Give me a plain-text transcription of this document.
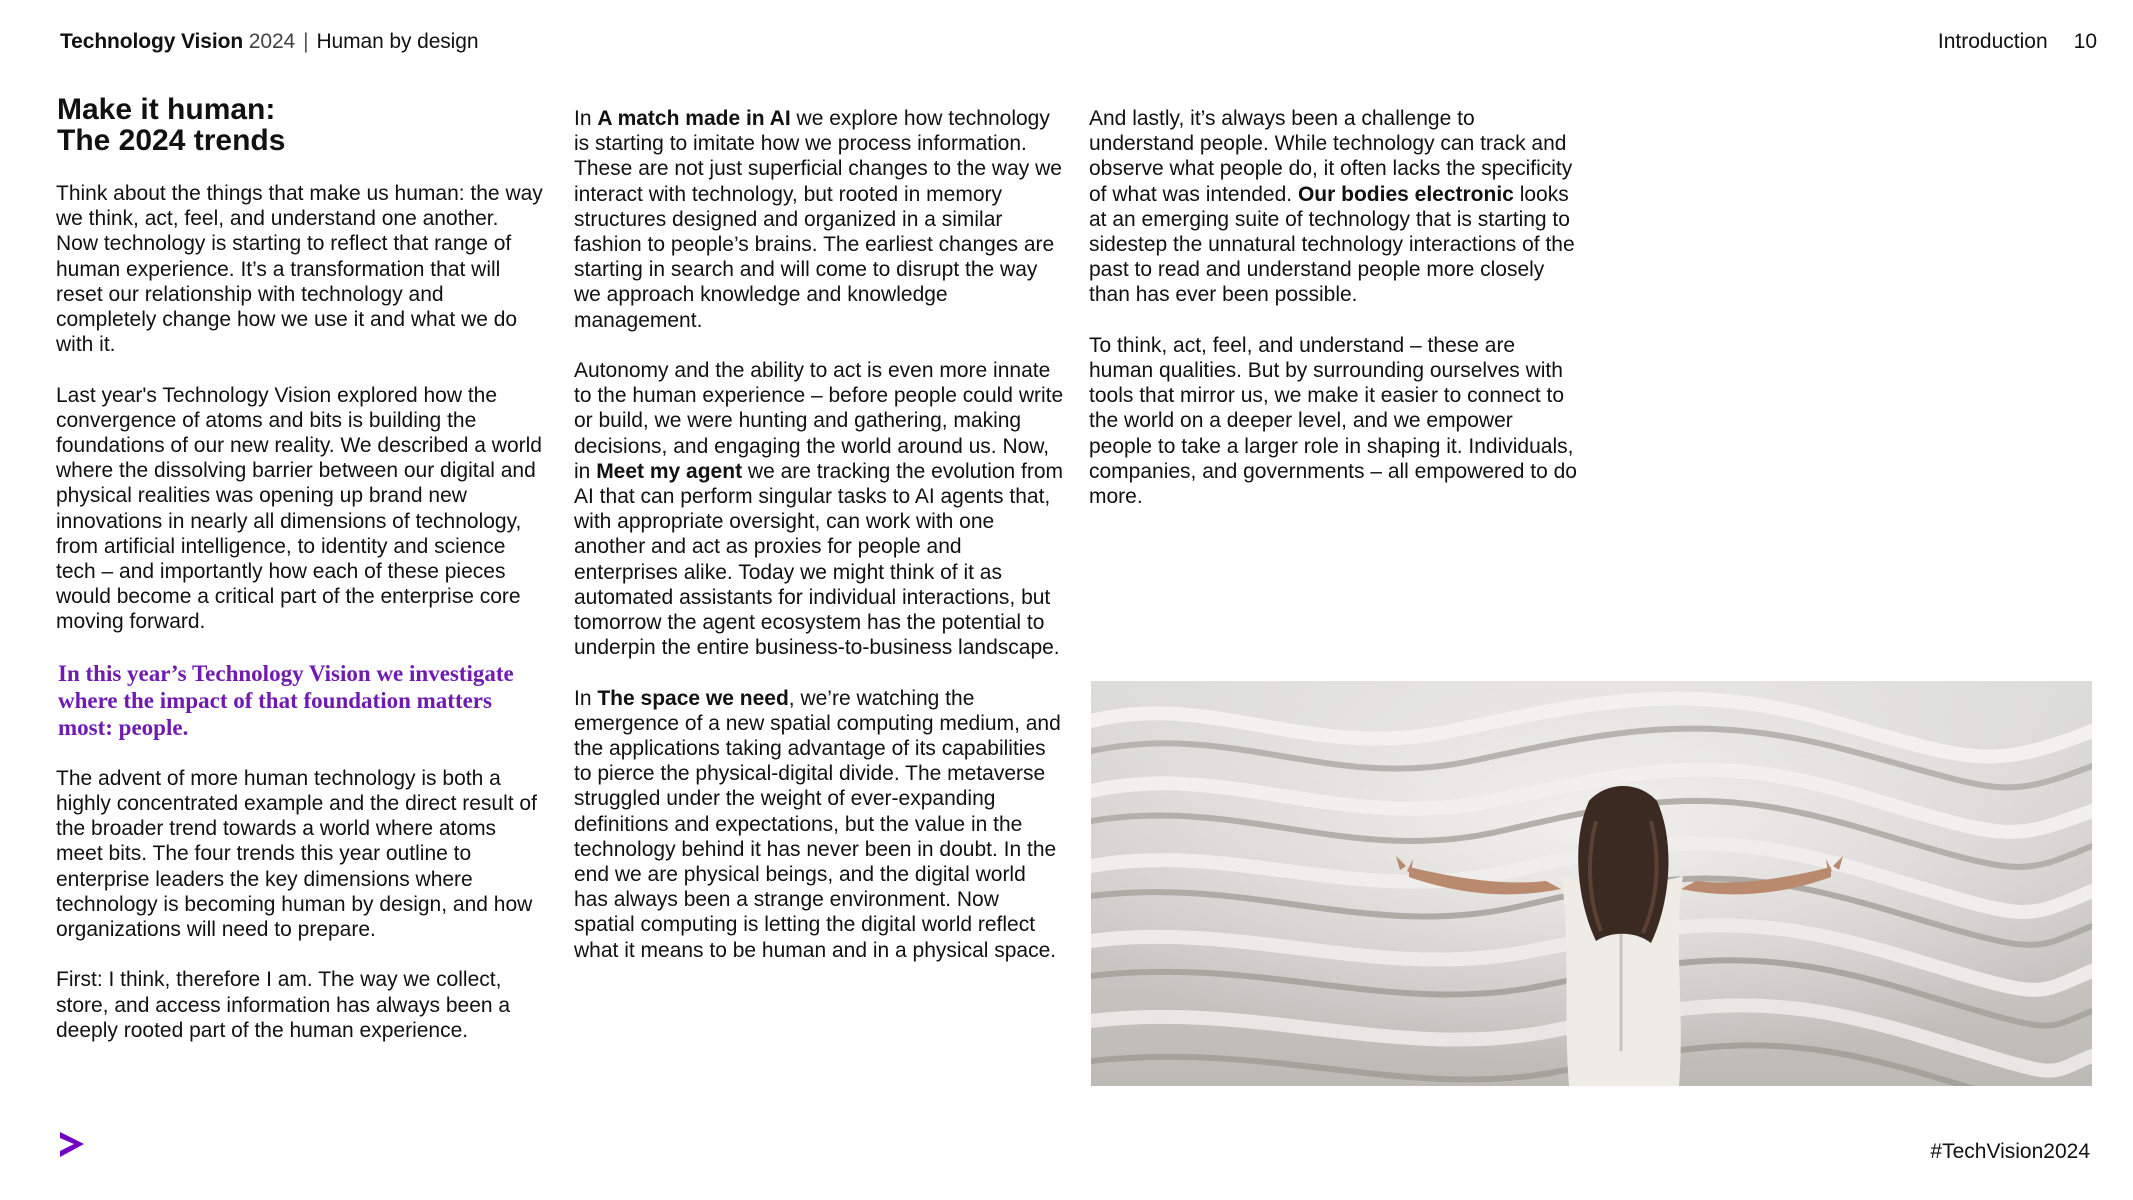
Technology Vision 2024 | Human by design	Introduction 10
Make it human:
The 2024 trends

Think about the things that make us human: the way we think, act, feel, and understand one another. Now technology is starting to reflect that range of human experience. It’s a transformation that will reset our relationship with technology and completely change how we use it and what we do with it.

Last year's Technology Vision explored how the convergence of atoms and bits is building the foundations of our new reality. We described a world where the dissolving barrier between our digital and physical realities was opening up brand new innovations in nearly all dimensions of technology, from artificial intelligence, to identity and science tech – and importantly how each of these pieces would become a critical part of the enterprise core moving forward.

In this year’s Technology Vision we investigate where the impact of that foundation matters most: people.

The advent of more human technology is both a highly concentrated example and the direct result of the broader trend towards a world where atoms meet bits. The four trends this year outline to enterprise leaders the key dimensions where technology is becoming human by design, and how organizations will need to prepare.

First: I think, therefore I am. The way we collect, store, and access information has always been a deeply rooted part of the human experience.

In A match made in AI we explore how technology is starting to imitate how we process information. These are not just superficial changes to the way we interact with technology, but rooted in memory structures designed and organized in a similar fashion to people’s brains. The earliest changes are starting in search and will come to disrupt the way we approach knowledge and knowledge management.

Autonomy and the ability to act is even more innate to the human experience – before people could write or build, we were hunting and gathering, making decisions, and engaging the world around us. Now, in Meet my agent we are tracking the evolution from AI that can perform singular tasks to AI agents that, with appropriate oversight, can work with one another and act as proxies for people and enterprises alike. Today we might think of it as automated assistants for individual interactions, but tomorrow the agent ecosystem has the potential to underpin the entire business-to-business landscape.

In The space we need, we’re watching the emergence of a new spatial computing medium, and the applications taking advantage of its capabilities to pierce the physical-digital divide. The metaverse struggled under the weight of ever-expanding definitions and expectations, but the value in the technology behind it has never been in doubt. In the end we are physical beings, and the digital world has always been a strange environment. Now spatial computing is letting the digital world reflect what it means to be human and in a physical space.

And lastly, it’s always been a challenge to understand people. While technology can track and observe what people do, it often lacks the specificity of what was intended. Our bodies electronic looks at an emerging suite of technology that is starting to sidestep the unnatural technology interactions of the past to read and understand people more closely than has ever been possible.

To think, act, feel, and understand – these are human qualities. But by surrounding ourselves with tools that mirror us, we make it easier to connect to the world on a deeper level, and we empower people to take a larger role in shaping it. Individuals, companies, and governments – all empowered to do more.

#TechVision2024
